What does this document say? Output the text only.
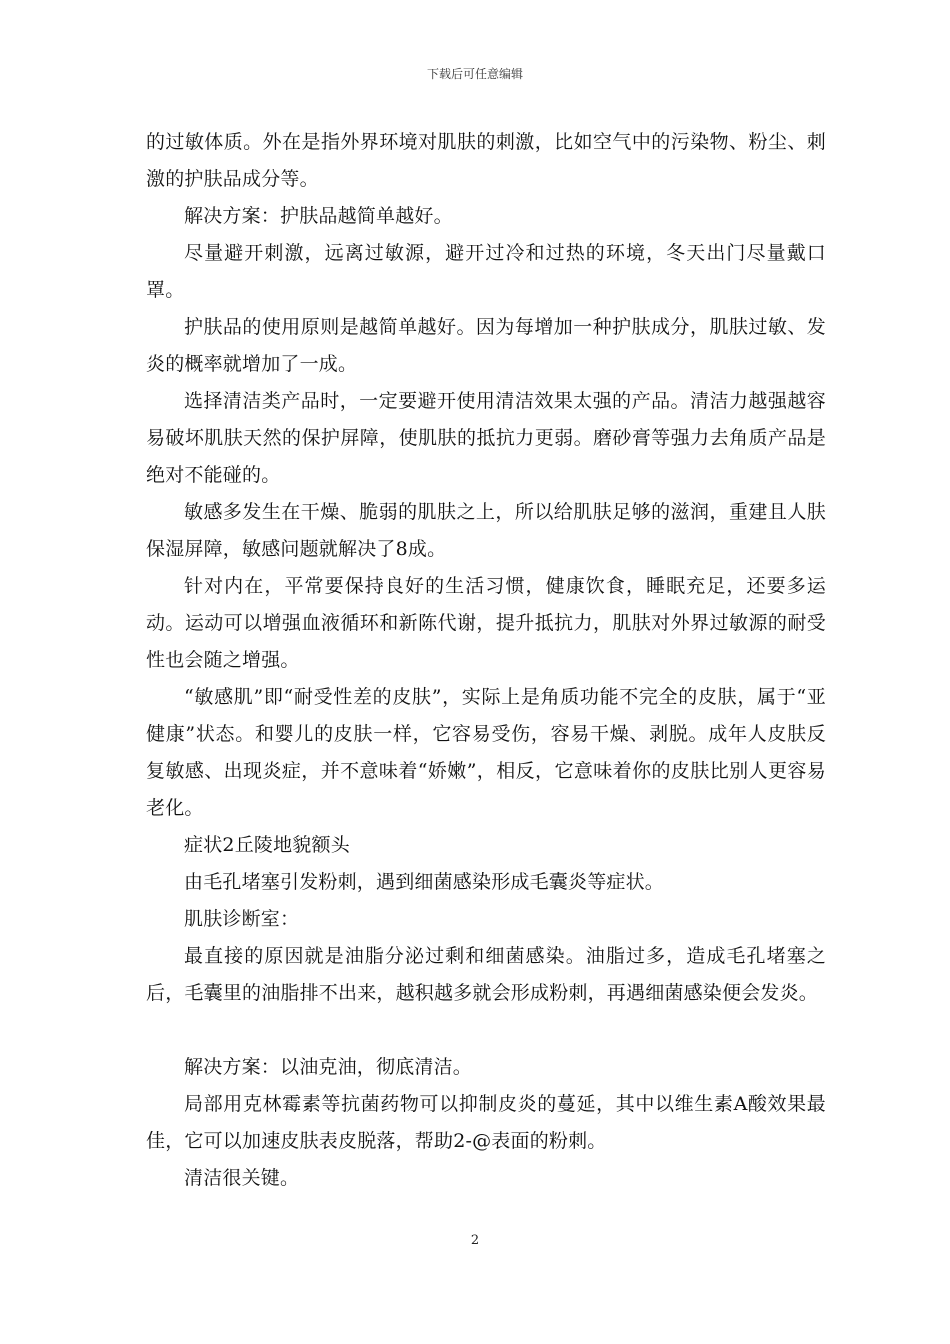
下载后可任意编辑

的过敏体质。外在是指外界环境对肌肤的刺激，比如空气中的污染物、粉尘、刺激的护肤品成分等。

解决方案：护肤品越简单越好。

尽量避开刺激，远离过敏源，避开过冷和过热的环境，冬天出门尽量戴口罩。

护肤品的使用原则是越简单越好。因为每增加一种护肤成分，肌肤过敏、发炎的概率就增加了一成。

选择清洁类产品时，一定要避开使用清洁效果太强的产品。清洁力越强越容易破坏肌肤天然的保护屏障，使肌肤的抵抗力更弱。磨砂膏等强力去角质产品是绝对不能碰的。

敏感多发生在干燥、脆弱的肌肤之上，所以给肌肤足够的滋润，重建且人肤保湿屏障，敏感问题就解决了8成。

针对内在，平常要保持良好的生活习惯，健康饮食，睡眠充足，还要多运动。运动可以增强血液循环和新陈代谢，提升抵抗力，肌肤对外界过敏源的耐受性也会随之增强。

“敏感肌”即“耐受性差的皮肤”，实际上是角质功能不完全的皮肤，属于“亚健康”状态。和婴儿的皮肤一样，它容易受伤，容易干燥、剥脱。成年人皮肤反复敏感、出现炎症，并不意味着“娇嫩”，相反，它意味着你的皮肤比别人更容易老化。

症状2丘陵地貌额头

由毛孔堵塞引发粉刺，遇到细菌感染形成毛囊炎等症状。

肌肤诊断室：

最直接的原因就是油脂分泌过剩和细菌感染。油脂过多，造成毛孔堵塞之后，毛囊里的油脂排不出来，越积越多就会形成粉刺，再遇细菌感染便会发炎。

解决方案：以油克油，彻底清洁。

局部用克林霉素等抗菌药物可以抑制皮炎的蔓延，其中以维生素A酸效果最佳，它可以加速皮肤表皮脱落，帮助2-@表面的粉刺。

清洁很关键。

2
